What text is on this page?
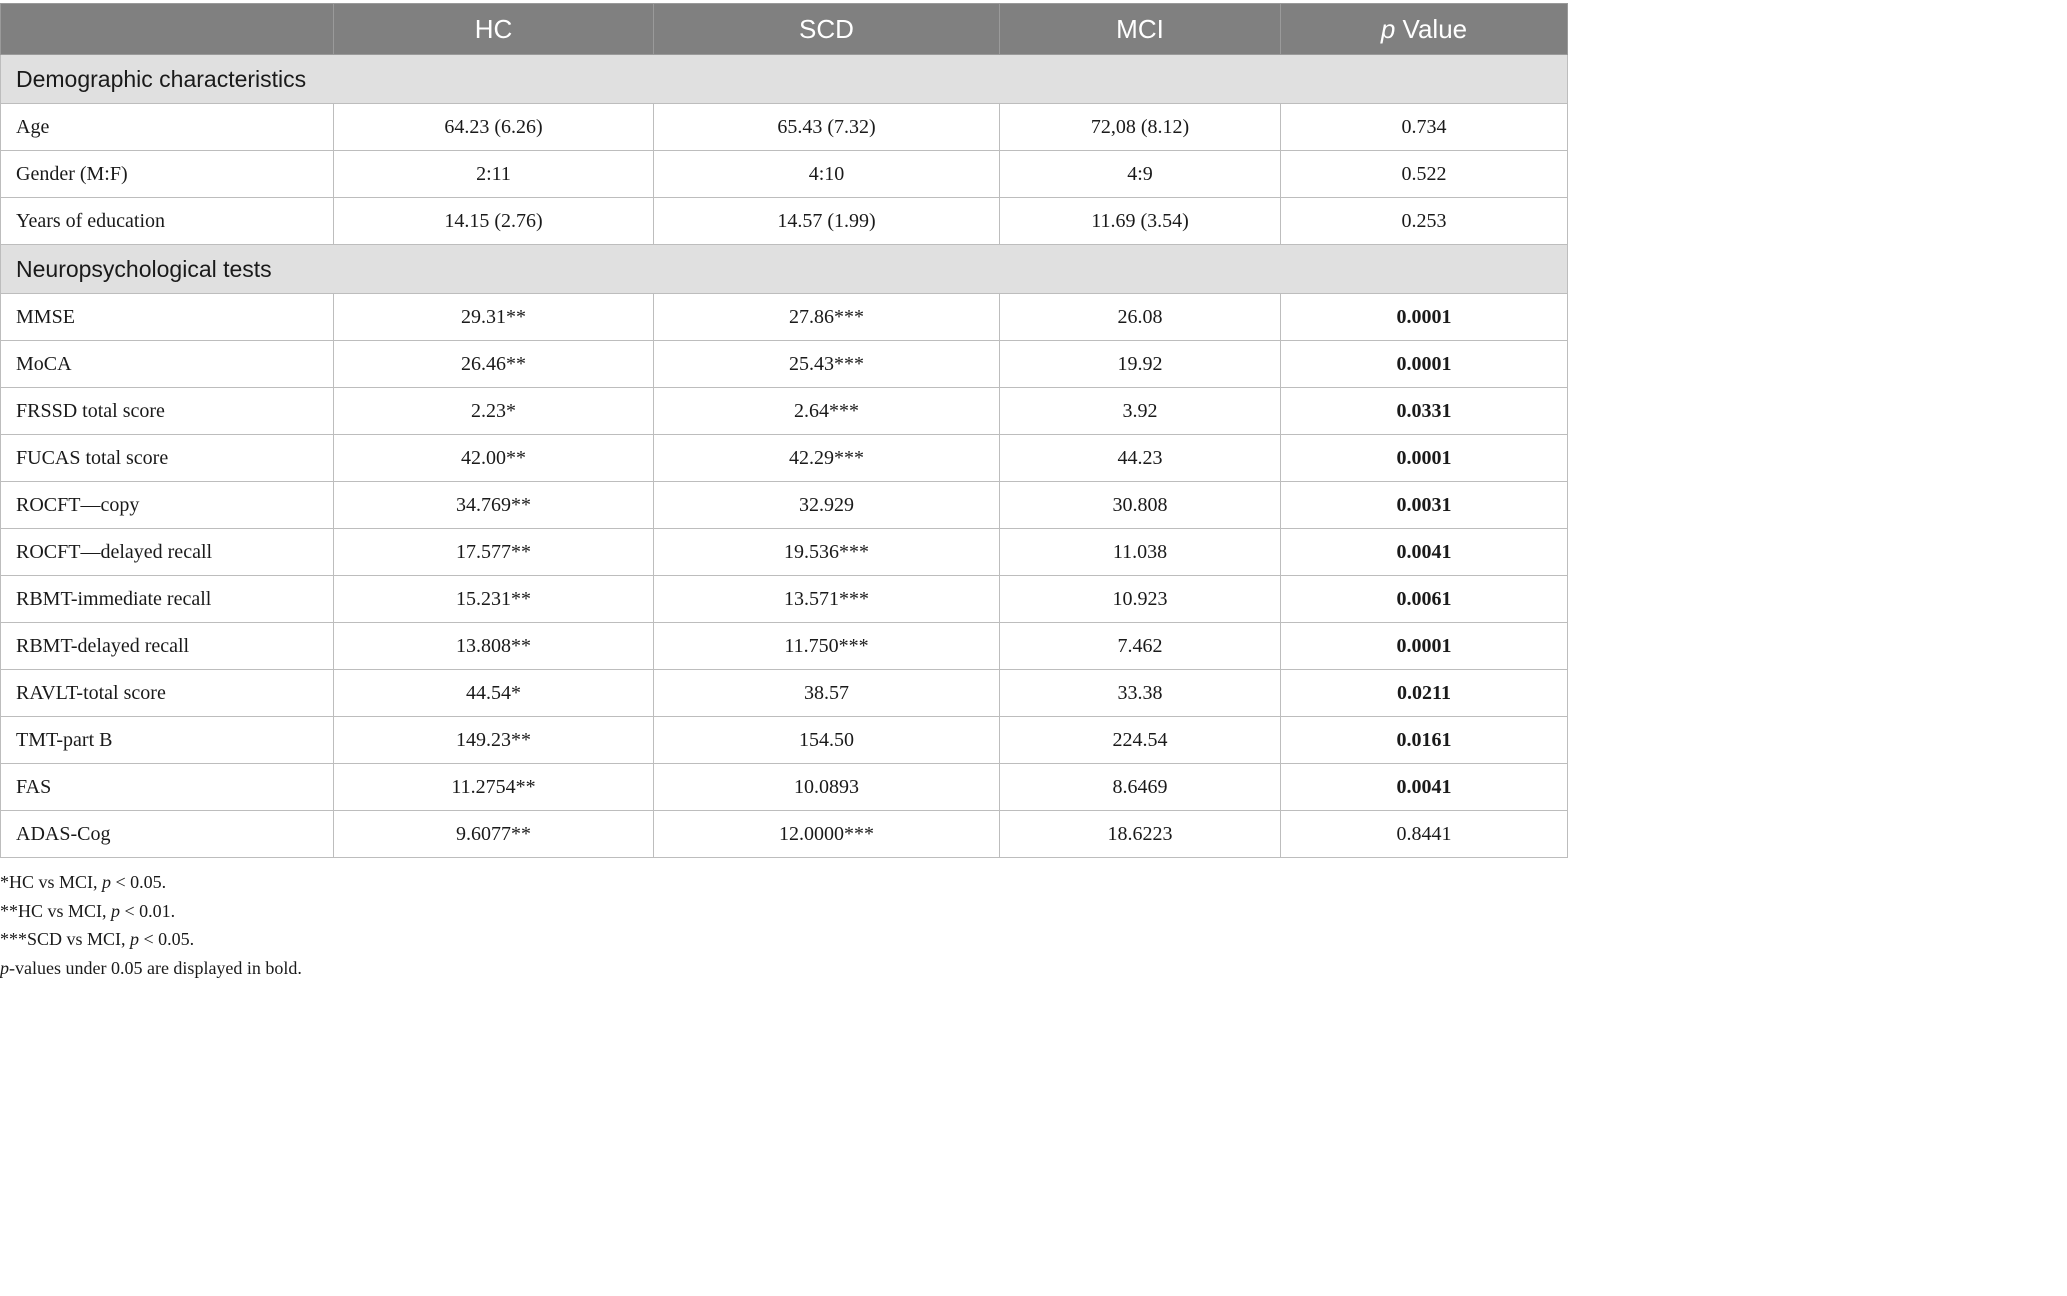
	HC	SCD	MCI	p Value
Demographic characteristics				
Age	64.23 (6.26)	65.43 (7.32)	72,08 (8.12)	0.734
Gender (M:F)	2:11	4:10	4:9	0.522
Years of education	14.15 (2.76)	14.57 (1.99)	11.69 (3.54)	0.253
Neuropsychological tests				
MMSE	29.31**	27.86***	26.08	0.0001
MoCA	26.46**	25.43***	19.92	0.0001
FRSSD total score	2.23*	2.64***	3.92	0.0331
FUCAS total score	42.00**	42.29***	44.23	0.0001
ROCFT—copy	34.769**	32.929	30.808	0.0031
ROCFT—delayed recall	17.577**	19.536***	11.038	0.0041
RBMT-immediate recall	15.231**	13.571***	10.923	0.0061
RBMT-delayed recall	13.808**	11.750***	7.462	0.0001
RAVLT-total score	44.54*	38.57	33.38	0.0211
TMT-part B	149.23**	154.50	224.54	0.0161
FAS	11.2754**	10.0893	8.6469	0.0041
ADAS-Cog	9.6077**	12.0000***	18.6223	0.8441
*HC vs MCI, p < 0.05.
**HC vs MCI, p < 0.01.
***SCD vs MCI, p < 0.05.
p-values under 0.05 are displayed in bold.
